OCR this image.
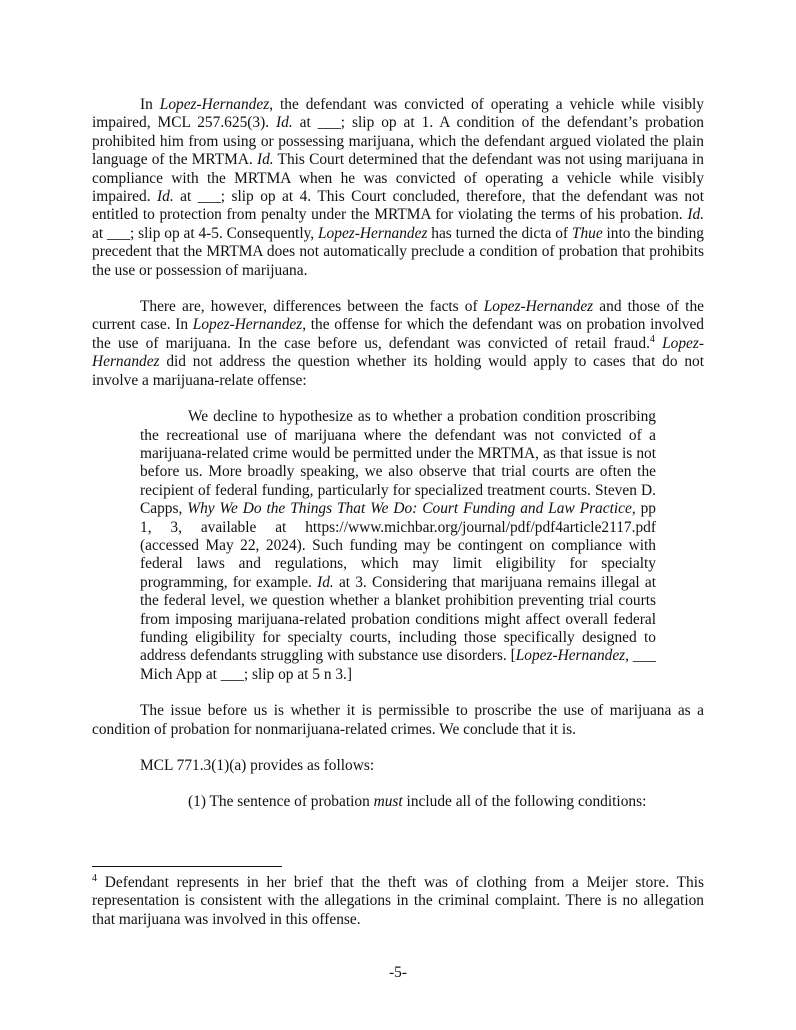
In Lopez-Hernandez, the defendant was convicted of operating a vehicle while visibly impaired, MCL 257.625(3). Id. at ___; slip op at 1. A condition of the defendant’s probation prohibited him from using or possessing marijuana, which the defendant argued violated the plain language of the MRTMA. Id. This Court determined that the defendant was not using marijuana in compliance with the MRTMA when he was convicted of operating a vehicle while visibly impaired. Id. at ___; slip op at 4. This Court concluded, therefore, that the defendant was not entitled to protection from penalty under the MRTMA for violating the terms of his probation. Id. at ___; slip op at 4-5. Consequently, Lopez-Hernandez has turned the dicta of Thue into the binding precedent that the MRTMA does not automatically preclude a condition of probation that prohibits the use or possession of marijuana.

There are, however, differences between the facts of Lopez-Hernandez and those of the current case. In Lopez-Hernandez, the offense for which the defendant was on probation involved the use of marijuana. In the case before us, defendant was convicted of retail fraud.$^4$ Lopez-Hernandez did not address the question whether its holding would apply to cases that do not involve a marijuana-relate offense:

We decline to hypothesize as to whether a probation condition proscribing the recreational use of marijuana where the defendant was not convicted of a marijuana-related crime would be permitted under the MRTMA, as that issue is not before us. More broadly speaking, we also observe that trial courts are often the recipient of federal funding, particularly for specialized treatment courts. Steven D. Capps, Why We Do the Things That We Do: Court Funding and Law Practice, pp 1, 3, available at https://www.michbar.org/journal/pdf/pdf4article2117.pdf (accessed May 22, 2024). Such funding may be contingent on compliance with federal laws and regulations, which may limit eligibility for specialty programming, for example. Id. at 3. Considering that marijuana remains illegal at the federal level, we question whether a blanket prohibition preventing trial courts from imposing marijuana-related probation conditions might affect overall federal funding eligibility for specialty courts, including those specifically designed to address defendants struggling with substance use disorders. [Lopez-Hernandez, ___ Mich App at ___; slip op at 5 n 3.]

The issue before us is whether it is permissible to proscribe the use of marijuana as a condition of probation for nonmarijuana-related crimes. We conclude that it is.

MCL 771.3(1)(a) provides as follows:

(1) The sentence of probation must include all of the following conditions:

$^4$ Defendant represents in her brief that the theft was of clothing from a Meijer store. This representation is consistent with the allegations in the criminal complaint. There is no allegation that marijuana was involved in this offense.

-5-
